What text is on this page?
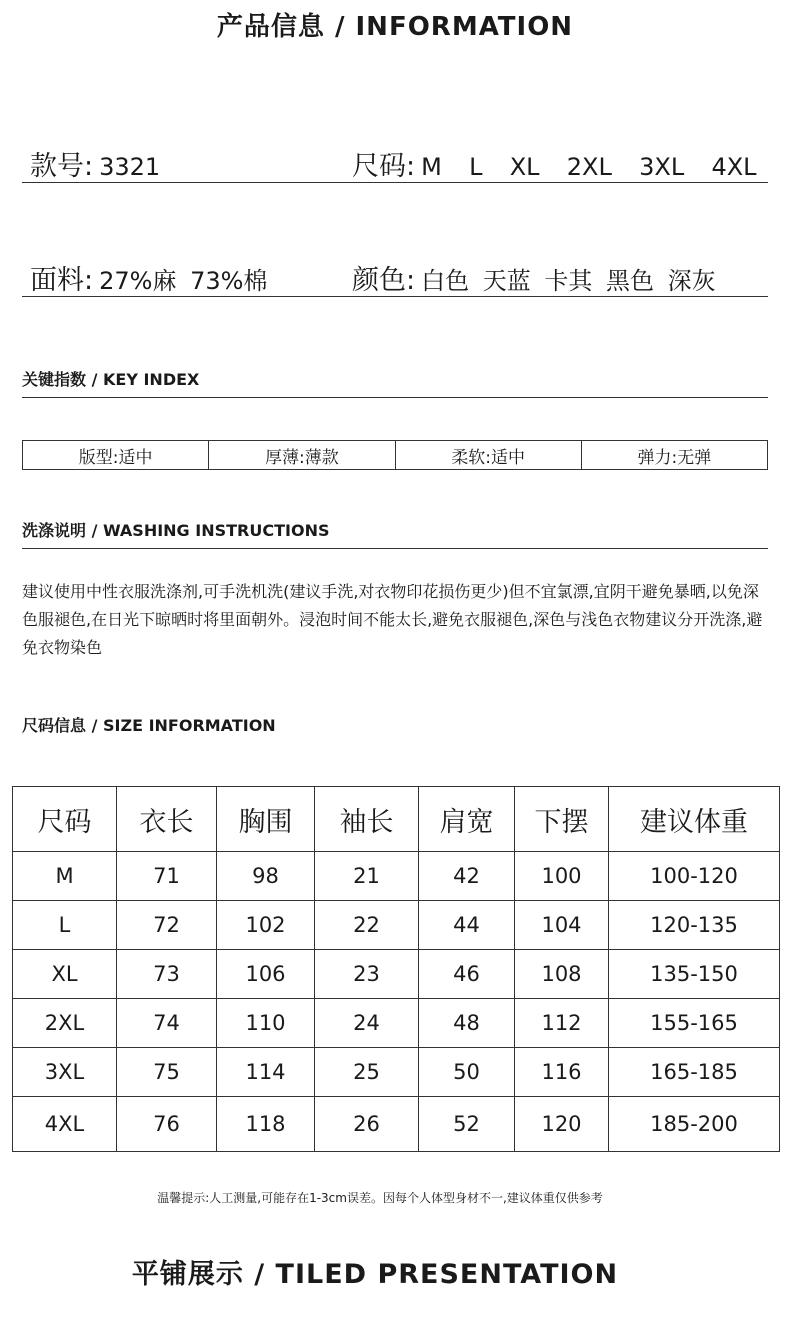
产品信息 / INFORMATION
款号: 3321	尺码: M  L  XL  2XL  3XL  4XL
面料: 27%麻 73%棉	颜色: 白色 天蓝 卡其 黑色 深灰
关键指数 / KEY INDEX
版型:适中	厚薄:薄款	柔软:适中	弹力:无弹
洗涤说明 / WASHING INSTRUCTIONS
建议使用中性衣服洗涤剂,可手洗机洗(建议手洗,对衣物印花损伤更少)但不宜氯漂,宜阴干避免暴晒,以免深色服褪色,在日光下晾晒时将里面朝外。浸泡时间不能太长,避免衣服褪色,深色与浅色衣物建议分开洗涤,避免衣物染色
尺码信息 / SIZE INFORMATION
尺码	衣长	胸围	袖长	肩宽	下摆	建议体重
M	71	98	21	42	100	100-120
L	72	102	22	44	104	120-135
XL	73	106	23	46	108	135-150
2XL	74	110	24	48	112	155-165
3XL	75	114	25	50	116	165-185
4XL	76	118	26	52	120	185-200
温馨提示:人工测量,可能存在1-3cm误差。因每个人体型身材不一,建议体重仅供参考
平铺展示 / TILED PRESENTATION
